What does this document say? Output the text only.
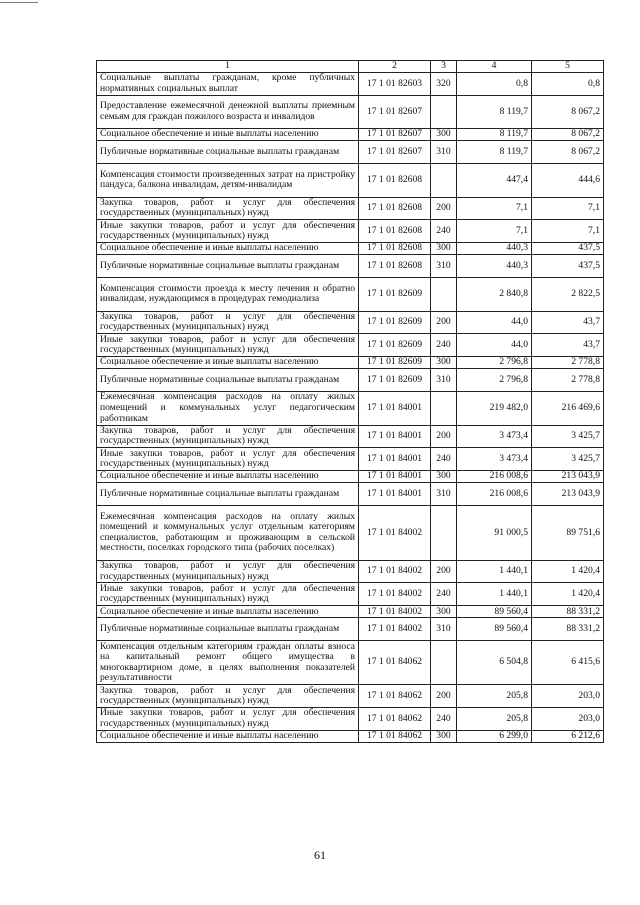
1	2	3	4	5
Социальные выплаты гражданам, кроме публичных нормативных социальных выплат	17 1 01 82603	320	0,8	0,8
Предоставление ежемесячной денежной выплаты приемным семьям для граждан пожилого возраста и инвалидов	17 1 01 82607		8 119,7	8 067,2
Социальное обеспечение и иные выплаты населению	17 1 01 82607	300	8 119,7	8 067,2
Публичные нормативные социальные выплаты гражданам	17 1 01 82607	310	8 119,7	8 067,2
Компенсация стоимости произведенных затрат на пристройку пандуса, балкона инвалидам, детям-инвалидам	17 1 01 82608		447,4	444,6
Закупка товаров, работ и услуг для обеспечения государственных (муниципальных) нужд	17 1 01 82608	200	7,1	7,1
Иные закупки товаров, работ и услуг для обеспечения государственных (муниципальных) нужд	17 1 01 82608	240	7,1	7,1
Социальное обеспечение и иные выплаты населению	17 1 01 82608	300	440,3	437,5
Публичные нормативные социальные выплаты гражданам	17 1 01 82608	310	440,3	437,5
Компенсация стоимости проезда к месту лечения и обратно инвалидам, нуждающимся в процедурах гемодиализа	17 1 01 82609		2 840,8	2 822,5
Закупка товаров, работ и услуг для обеспечения государственных (муниципальных) нужд	17 1 01 82609	200	44,0	43,7
Иные закупки товаров, работ и услуг для обеспечения государственных (муниципальных) нужд	17 1 01 82609	240	44,0	43,7
Социальное обеспечение и иные выплаты населению	17 1 01 82609	300	2 796,8	2 778,8
Публичные нормативные социальные выплаты гражданам	17 1 01 82609	310	2 796,8	2 778,8
Ежемесячная компенсация расходов на оплату жилых помещений и коммунальных услуг педагогическим работникам	17 1 01 84001		219 482,0	216 469,6
Закупка товаров, работ и услуг для обеспечения государственных (муниципальных) нужд	17 1 01 84001	200	3 473,4	3 425,7
Иные закупки товаров, работ и услуг для обеспечения государственных (муниципальных) нужд	17 1 01 84001	240	3 473,4	3 425,7
Социальное обеспечение и иные выплаты населению	17 1 01 84001	300	216 008,6	213 043,9
Публичные нормативные социальные выплаты гражданам	17 1 01 84001	310	216 008,6	213 043,9
Ежемесячная компенсация расходов на оплату жилых помещений и коммунальных услуг отдельным категориям специалистов, работающим и проживающим в сельской местности, поселках городского типа (рабочих поселках)	17 1 01 84002		91 000,5	89 751,6
Закупка товаров, работ и услуг для обеспечения государственных (муниципальных) нужд	17 1 01 84002	200	1 440,1	1 420,4
Иные закупки товаров, работ и услуг для обеспечения государственных (муниципальных) нужд	17 1 01 84002	240	1 440,1	1 420,4
Социальное обеспечение и иные выплаты населению	17 1 01 84002	300	89 560,4	88 331,2
Публичные нормативные социальные выплаты гражданам	17 1 01 84002	310	89 560,4	88 331,2
Компенсация отдельным категориям граждан оплаты взноса на капитальный ремонт общего имущества в многоквартирном доме, в целях выполнения показателей результативности	17 1 01 84062		6 504,8	6 415,6
Закупка товаров, работ и услуг для обеспечения государственных (муниципальных) нужд	17 1 01 84062	200	205,8	203,0
Иные закупки товаров, работ и услуг для обеспечения государственных (муниципальных) нужд	17 1 01 84062	240	205,8	203,0
Социальное обеспечение и иные выплаты населению	17 1 01 84062	300	6 299,0	6 212,6
61
